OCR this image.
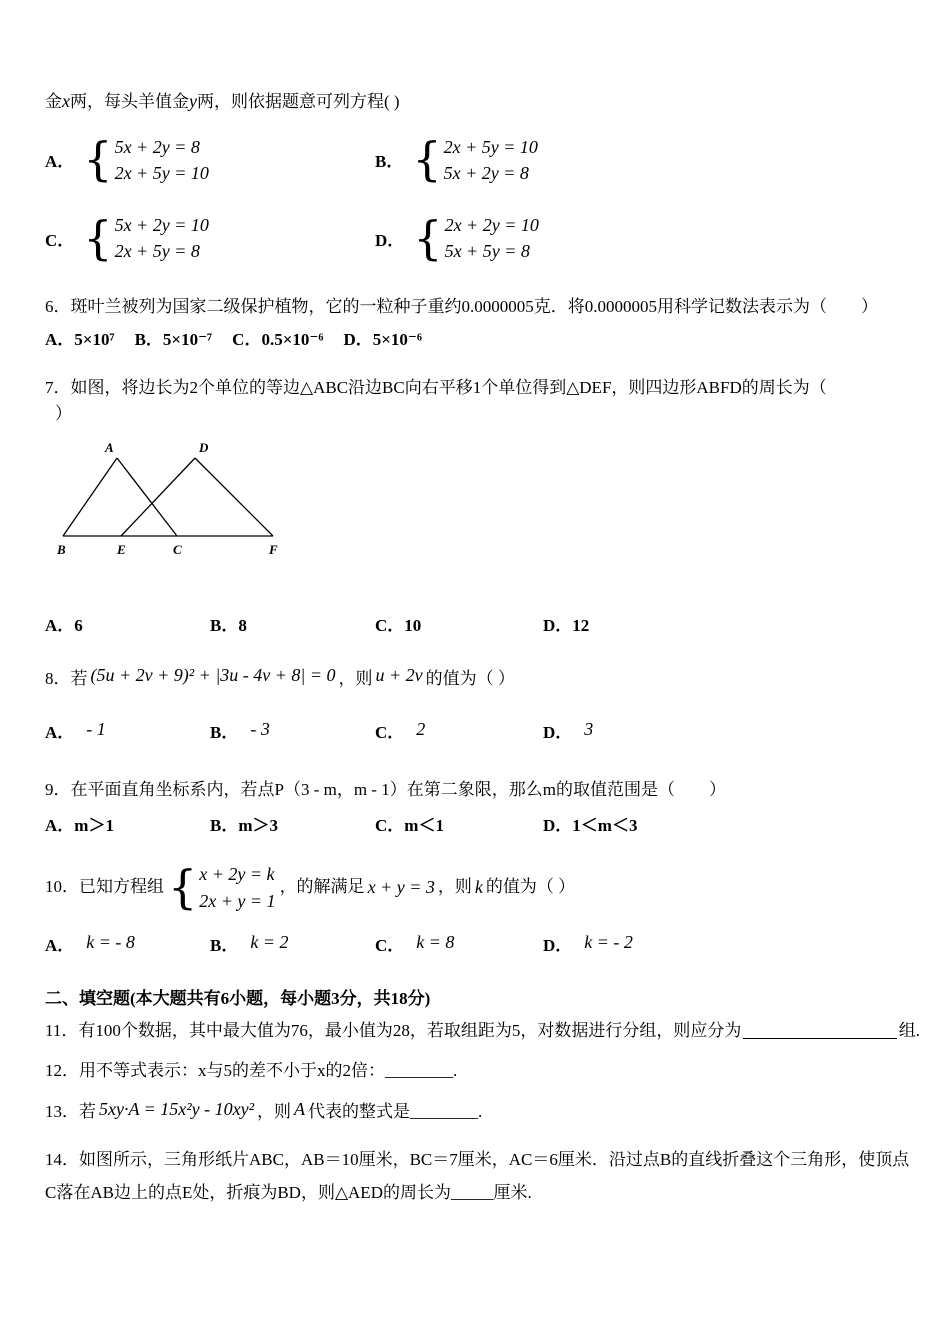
金x两，每头羊值金y两，则依据题意可列方程( )
A． { 5x + 2y = 8
2x + 5y = 10
B． { 2x + 5y = 10
5x + 2y = 8
C． { 5x + 2y = 10
2x + 5y = 8
D． { 2x + 2y = 10
5x + 5y = 8
6．斑叶兰被列为国家二级保护植物，它的一粒种子重约0.0000005克．将0.0000005用科学记数法表示为（　　）
A．5×10⁷ B．5×10⁻⁷ C．0.5×10⁻⁶ D．5×10⁻⁶
7．如图，将边长为2个单位的等边△ABC沿边BC向右平移1个单位得到△DEF，则四边形ABFD的周长为（
）
A	D
B	E	C	F
A．6	B．8	C．10	D．12
8．若 (5u + 2v + 9)² + |3u - 4v + 8| = 0 ，则 u + 2v 的值为（ ）
A． - 1	B． - 3	C． 2	D． 3
9．在平面直角坐标系内，若点P（3 - m，m - 1）在第二象限，那么m的取值范围是（　　）
A．m＞1	B．m＞3	C．m＜1	D．1＜m＜3
10．已知方程组 { x + 2y = k
2x + y = 1
，的解满足 x + y = 3 ，则 k 的值为（ ）
A． k = - 8	B． k = 2	C． k = 8	D． k = - 2
二、填空题(本大题共有6小题，每小题3分，共18分)
11．有100个数据，其中最大值为76，最小值为28，若取组距为5，对数据进行分组，则应分为	组.
12．用不等式表示：x与5的差不小于x的2倍：________.
13．若 5xy·A = 15x²y - 10xy² ，则 A 代表的整式是 ________ .
14．如图所示，三角形纸片ABC，AB＝10厘米，BC＝7厘米，AC＝6厘米．沿过点B的直线折叠这个三角形，使顶点C落在AB边上的点E处，折痕为BD，则△AED的周长为_____厘米.
